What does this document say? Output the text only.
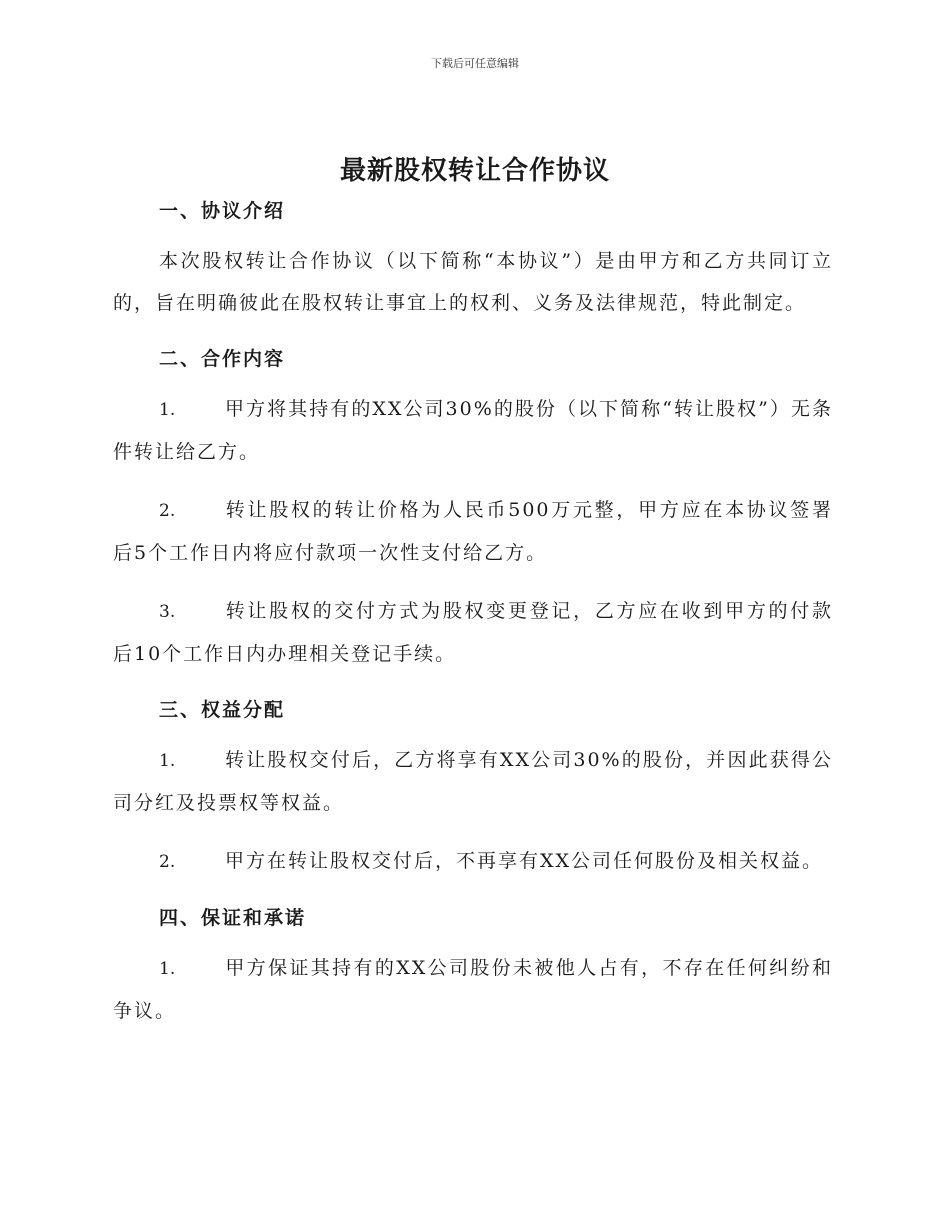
下载后可任意编辑
最新股权转让合作协议
一、协议介绍

本次股权转让合作协议（以下简称“本协议”）是由甲方和乙方共同订立的，旨在明确彼此在股权转让事宜上的权利、义务及法律规范，特此制定。

二、合作内容

1.	甲方将其持有的XX公司30%的股份（以下简称“转让股权”）无条件转让给乙方。

2.	转让股权的转让价格为人民币500万元整，甲方应在本协议签署后5个工作日内将应付款项一次性支付给乙方。

3.	转让股权的交付方式为股权变更登记，乙方应在收到甲方的付款后10个工作日内办理相关登记手续。

三、权益分配

1.	转让股权交付后，乙方将享有XX公司30%的股份，并因此获得公司分红及投票权等权益。

2.	甲方在转让股权交付后，不再享有XX公司任何股份及相关权益。

四、保证和承诺

1.	甲方保证其持有的XX公司股份未被他人占有，不存在任何纠纷和争议。
